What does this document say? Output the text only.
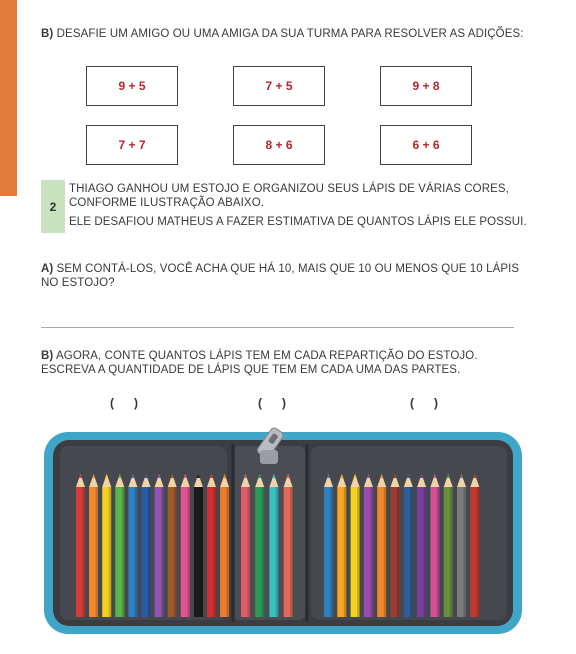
B) DESAFIE UM AMIGO OU UMA AMIGA DA SUA TURMA PARA RESOLVER AS ADIÇÕES:
9 + 5	7 + 5	9 + 8
7 + 7	8 + 6	6 + 6
2
THIAGO GANHOU UM ESTOJO E ORGANIZOU SEUS LÁPIS DE VÁRIAS CORES,
CONFORME ILUSTRAÇÃO ABAIXO.
ELE DESAFIOU MATHEUS A FAZER ESTIMATIVA DE QUANTOS LÁPIS ELE POSSUI.
A) SEM CONTÁ-LOS, VOCÊ ACHA QUE HÁ 10, MAIS QUE 10 OU MENOS QUE 10 LÁPIS
NO ESTOJO?
B) AGORA, CONTE QUANTOS LÁPIS TEM EM CADA REPARTIÇÃO DO ESTOJO.
ESCREVA A QUANTIDADE DE LÁPIS QUE TEM EM CADA UMA DAS PARTES.
(      )	(      )	(      )
